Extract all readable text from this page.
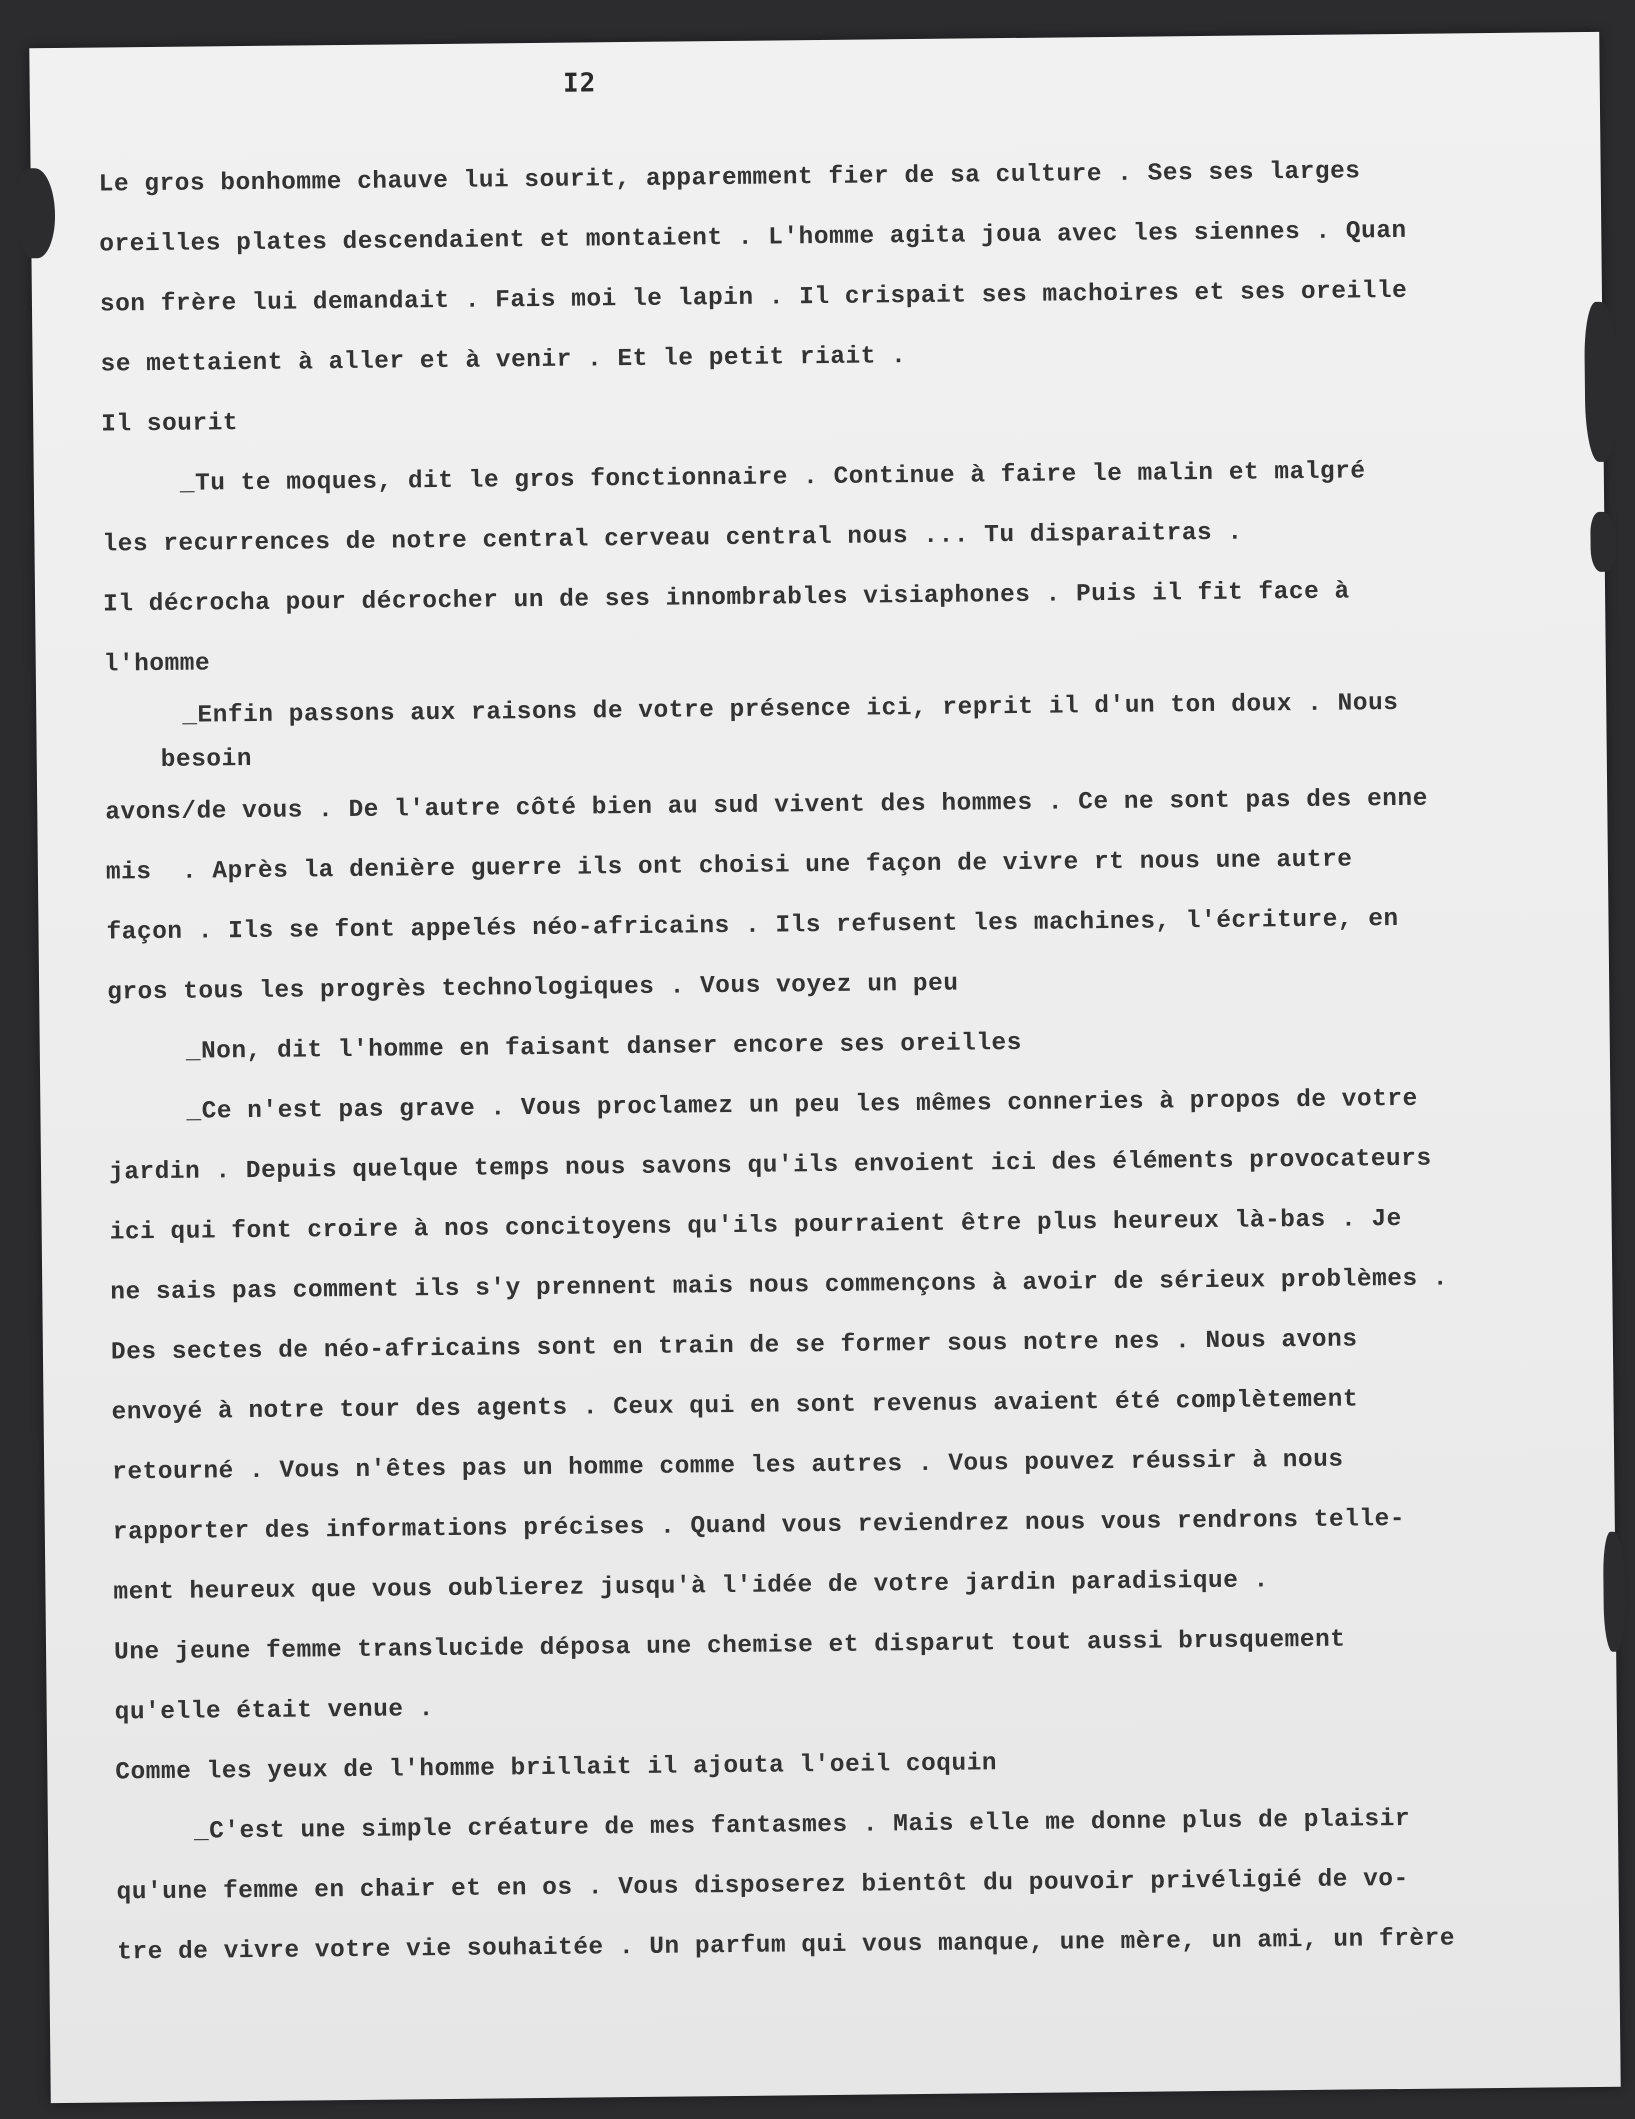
I2
Le gros bonhomme chauve lui sourit, apparemment fier de sa culture . Ses ses larges
oreilles plates descendaient et montaient . L'homme agita joua avec les siennes . Quan
son frère lui demandait . Fais moi le lapin . Il crispait ses machoires et ses oreille
se mettaient à aller et à venir . Et le petit riait .
Il sourit
_Tu te moques, dit le gros fonctionnaire . Continue à faire le malin et malgré
les recurrences de notre central cerveau central nous ... Tu disparaitras .
Il décrocha pour décrocher un de ses innombrables visiaphones . Puis il fit face à
l'homme
_Enfin passons aux raisons de votre présence ici, reprit il d'un ton doux . Nous
besoin
avons/de vous . De l'autre côté bien au sud vivent des hommes . Ce ne sont pas des enne
mis  . Après la denière guerre ils ont choisi une façon de vivre rt nous une autre
façon . Ils se font appelés néo-africains . Ils refusent les machines, l'écriture, en
gros tous les progrès technologiques . Vous voyez un peu
_Non, dit l'homme en faisant danser encore ses oreilles
_Ce n'est pas grave . Vous proclamez un peu les mêmes conneries à propos de votre
jardin . Depuis quelque temps nous savons qu'ils envoient ici des éléments provocateurs
ici qui font croire à nos concitoyens qu'ils pourraient être plus heureux là-bas . Je
ne sais pas comment ils s'y prennent mais nous commençons à avoir de sérieux problèmes .
Des sectes de néo-africains sont en train de se former sous notre nes . Nous avons
envoyé à notre tour des agents . Ceux qui en sont revenus avaient été complètement
retourné . Vous n'êtes pas un homme comme les autres . Vous pouvez réussir à nous
rapporter des informations précises . Quand vous reviendrez nous vous rendrons telle-
ment heureux que vous oublierez jusqu'à l'idée de votre jardin paradisique .
Une jeune femme translucide déposa une chemise et disparut tout aussi brusquement
qu'elle était venue .
Comme les yeux de l'homme brillait il ajouta l'oeil coquin
_C'est une simple créature de mes fantasmes . Mais elle me donne plus de plaisir
qu'une femme en chair et en os . Vous disposerez bientôt du pouvoir privéligié de vo-
tre de vivre votre vie souhaitée . Un parfum qui vous manque, une mère, un ami, un frère
